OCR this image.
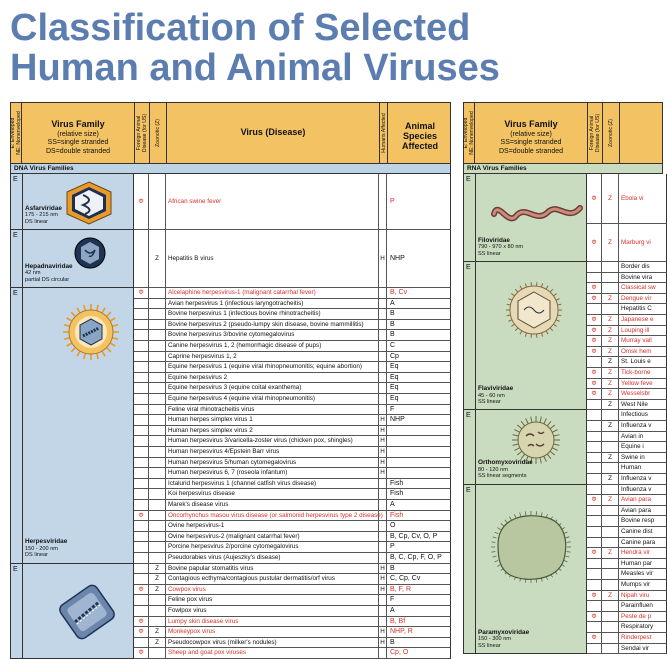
Classification of Selected
Human and Animal Viruses
E: Enveloped
NE: Nonenveloped	Virus Family
(relative size)
SS=single stranded
DS=double stranded
Foreign Animal
Disease (for US)
Zoonotic (Z)	Virus (Disease)	Humans Affected	Animal
Species
Affected
DNA Virus Families
Φ	African swine fever	P
E
Asfarviridae
175 - 215 nm
DS linear
Z	Hepatitis B virus	H NHP
E
Hepadnaviridae
42 nm
partial DS circular
Φ	Alcelaphine herpesvirus-1 (malignant catarrhal fever)	B, Cv
Avian herpesvirus 1 (infectious laryngotracheitis)	A
Bovine herpesvirus 1 (infectious bovine rhinotracheitis)	B
Bovine herpesvirus 2 (pseudo-lumpy skin disease, bovine mammillitis)	B
Bovine herpesvirus 3/bovine cytomegalovirus	B
Canine herpesvirus 1, 2 (hemorrhagic disease of pups)	C
Caprine herpesvirus 1, 2	Cp
Equine herpesvirus 1 (equine viral rhinopneumonitis; equine abortion)	Eq
Equine herpesvirus 2	Eq
Equine herpesvirus 3 (equine coital exanthema)	Eq
Equine herpesvirus 4 (equine viral rhinopneumonitis)	Eq
Feline viral rhinotracheitis virus	F
Human herpes simplex virus 1	H NHP
Human herpes simplex virus 2	H
Human herpesvirus 3/varicella-zoster virus (chicken pox, shingles)	H
Human herpesvirus 4/Epstein Barr virus	H
Human herpesvirus 5/human cytomegalovirus	H
Human herpesvirus 6, 7 (roseola infantum)	H
Ictalurid herpesvirus 1 (channel catfish virus disease)	Fish
Koi herpesvirus disease	Fish
Marek's disease virus	A
Φ	Oncorhynchus masou virus disease (or salmonid herpesvirus type 2 disease)	Fish
Ovine herpesvirus-1	O
Ovine herpesvirus-2 (malignant catarrhal fever)	B, Cp, Cv, O, P
Porcine herpesvirus 2/porcine cytomegalovirus	P
Pseudorabies virus (Aujeszky's disease)	B, C, Cp, F, O, P
E
Herpesviridae
150 - 200 nm
DS linear
Z	Bovine papular stomatitis virus	H B
Z	Contagious ecthyma/contagious pustular dermatitis/orf virus	H C, Cp, Cv
Φ	Z	Cowpox virus	H B, F, R
Feline pox virus	F
Fowlpox virus	A
Φ	Lumpy skin disease virus	B, Bf
Φ	Z	Monkeypox virus	H NHP, R
Z	Pseudocowpox virus (milker's nodules)	H B
Φ	Sheep and goat pox viruses	Cp, O
E

E: Enveloped
NE: Nonenveloped	Virus Family
(relative size)
SS=single stranded
DS=double stranded
Foreign Animal
Disease (for US)
Zoonotic (Z)
RNA Virus Families
Φ	Z	Ebola vi
Φ	Z	Marburg vi
Border dis
Bovine vira
Φ	Classical sw
Φ	Z	Dengue vir
Hepatitis C
Φ	Z	Japanese e
Φ	Z	Louping ill
Φ	Z	Murray vall
Φ	Z	Omsk hem
Z	St. Louis e
Φ	Z	Tick-borne
Φ	Z	Yellow feve
Φ	Z	Wesselsbr
Z	West Nile
Infectious
Z	Influenza v
Avian in
Equine i
Z	Swine in
Human
Z	Influenza v
Influenza v
Φ	Z	Avian para
Avian para
Bovine resp
Canine dist
Canine para
Φ	Z	Hendra vir
Human par
Measles vir
Mumps vir
Φ	Z	Nipah viru
Parainfluen
Φ	Peste de p
Respiratory
Φ	Rinderpest
Sendai vir
E
Filoviridae
790 - 970 x 80 nm
SS linear
E
Flaviviridae
45 - 60 nm
SS linear
E
Orthomyxoviridae
80 - 120 nm
SS linear segments
E
Paramyxoviridae
150 - 300 nm
SS linear
